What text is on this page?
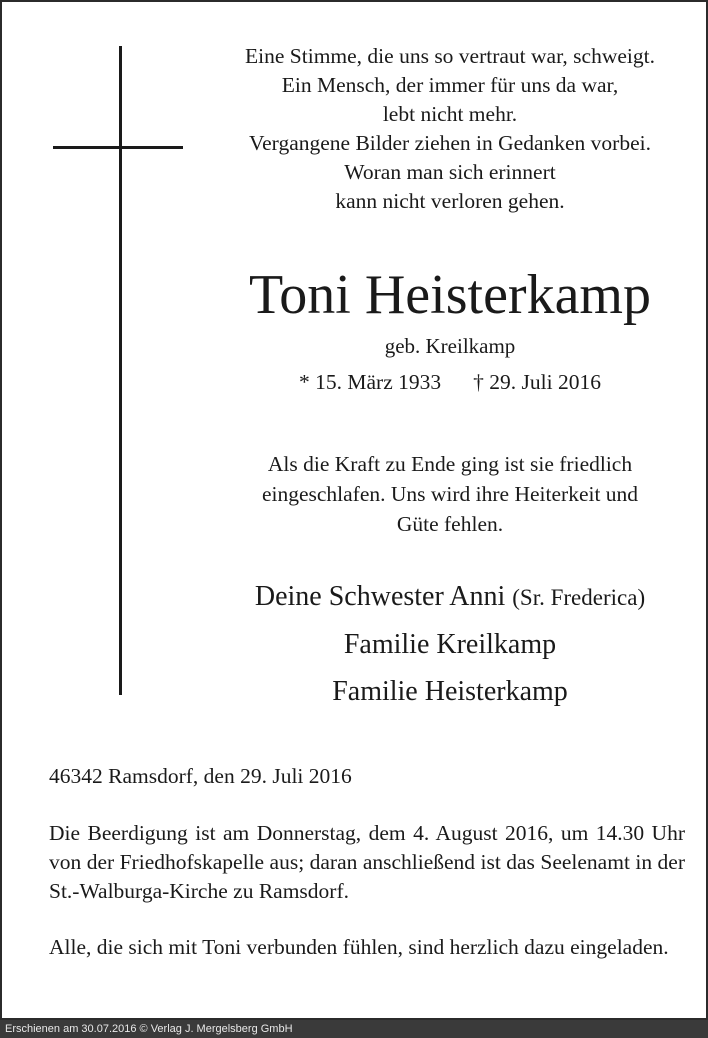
Eine Stimme, die uns so vertraut war, schweigt.
Ein Mensch, der immer für uns da war,
lebt nicht mehr.
Vergangene Bilder ziehen in Gedanken vorbei.
Woran man sich erinnert
kann nicht verloren gehen.
Toni Heisterkamp
geb. Kreilkamp
* 15. März 1933 † 29. Juli 2016
Als die Kraft zu Ende ging ist sie friedlich
eingeschlafen. Uns wird ihre Heiterkeit und
Güte fehlen.
Deine Schwester Anni (Sr. Frederica)
Familie Kreilkamp
Familie Heisterkamp
46342 Ramsdorf, den 29. Juli 2016
Die Beerdigung ist am Donnerstag, dem 4. August 2016, um 14.30 Uhr von der Friedhofskapelle aus; daran anschließend ist das Seelenamt in der St.-Walburga-Kirche zu Ramsdorf.
Alle, die sich mit Toni verbunden fühlen, sind herzlich dazu eingeladen.
Erschienen am 30.07.2016 © Verlag J. Mergelsberg GmbH
